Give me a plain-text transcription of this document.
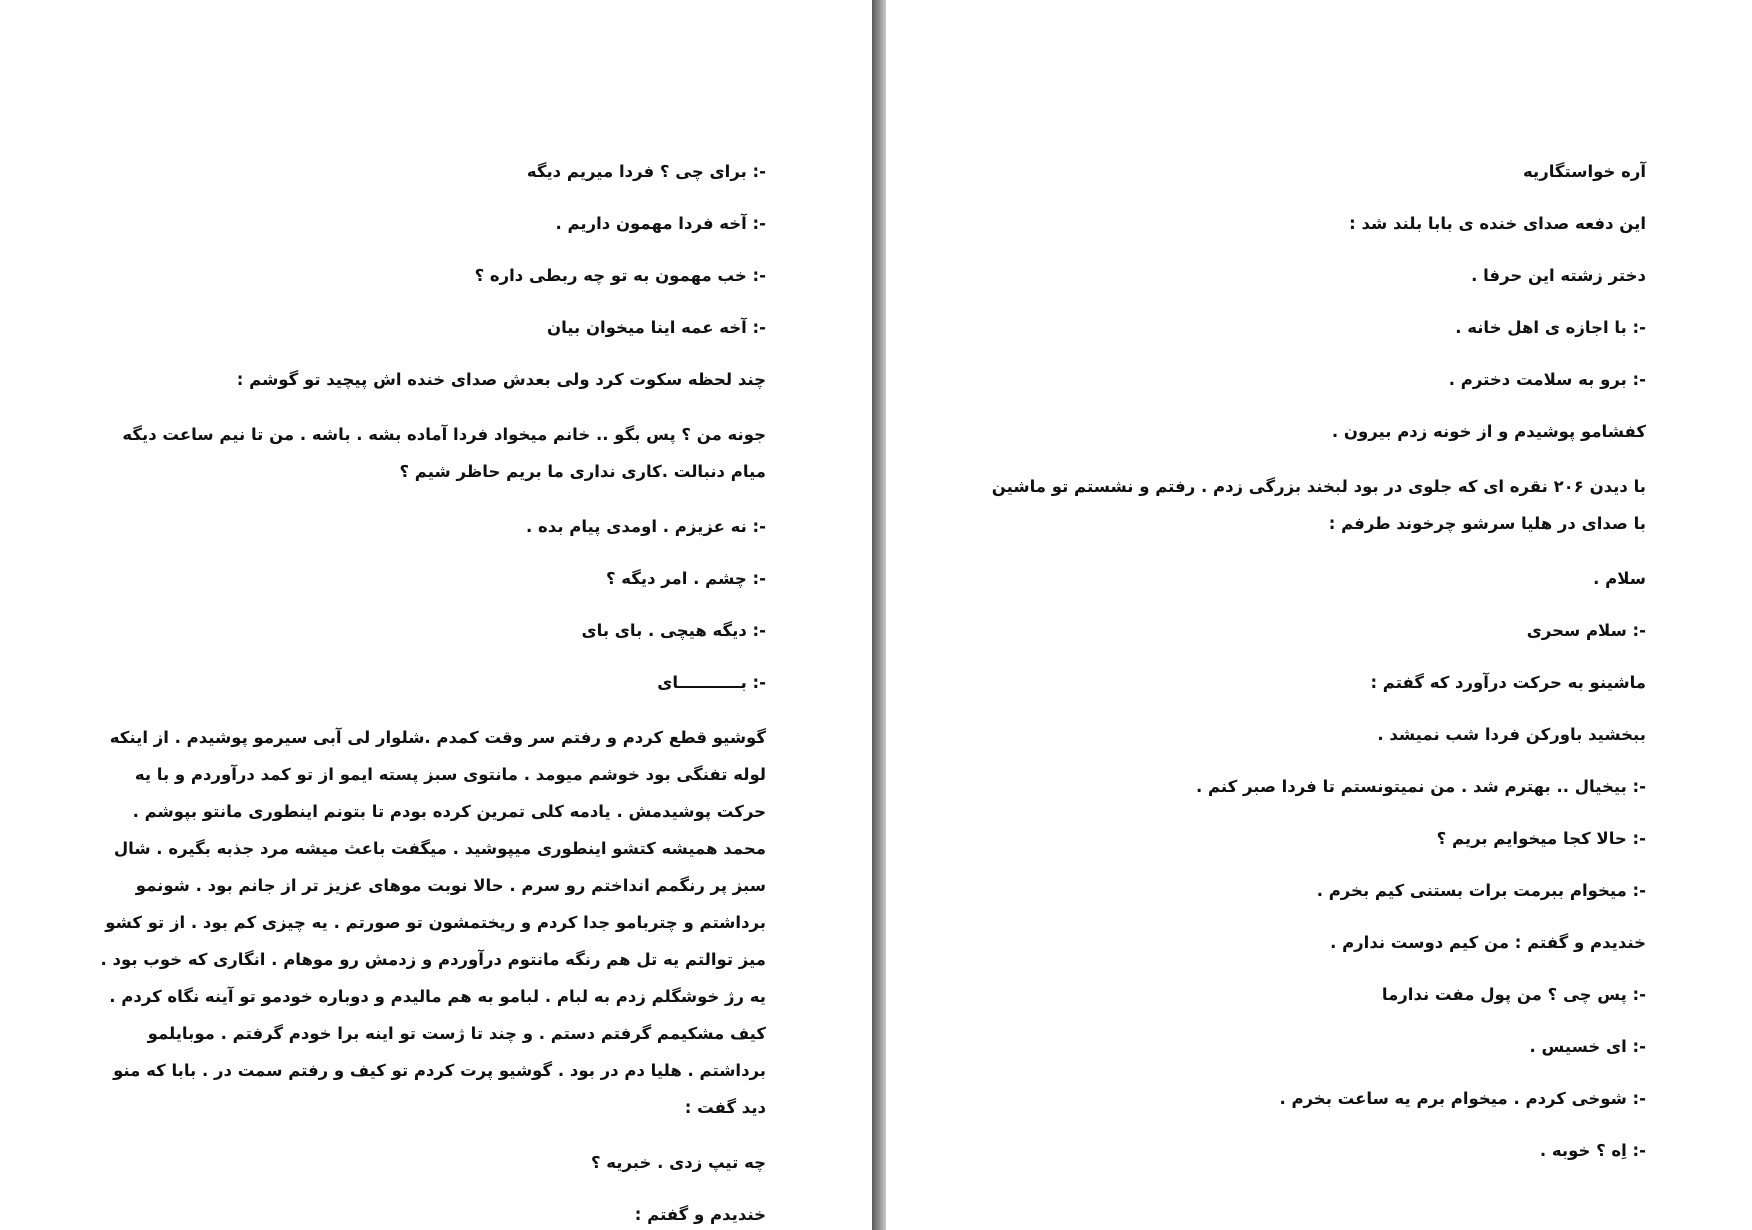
-: برای چی ؟ فردا میریم دیگه

-: آخه فردا مهمون داریم .

-: خب مهمون به تو چه ربطی داره ؟

-: آخه عمه اینا میخوان بیان

چند لحظه سکوت کرد ولی بعدش صدای خنده اش پیچید تو گوشم :

جونه من ؟ پس بگو .. خانم میخواد فردا آماده بشه . باشه . من تا نیم ساعت دیگه میام دنبالت .کاری نداری ما بریم حاظر شیم ؟

-: نه عزیزم . اومدی پیام بده .

-: چشم . امر دیگه ؟

-: دیگه هیچی . بای بای

-: بـــــــــــای

گوشیو قطع کردم و رفتم سر وقت کمدم .شلوار لی آبی سیرمو پوشیدم . از اینکه لوله تفنگی بود خوشم میومد . مانتوی سبز پسته ایمو از تو کمد درآوردم و با یه حرکت پوشیدمش . یادمه کلی تمرین کرده بودم تا بتونم اینطوری مانتو بپوشم . محمد همیشه کتشو اینطوری میپوشید . میگفت باعث میشه مرد جذبه بگیره . شال سبز پر رنگمم انداختم رو سرم . حالا نوبت موهای عزیز تر از جانم بود . شونمو برداشتم و چتربامو جدا کردم و ریختمشون تو صورتم . یه چیزی کم بود . از تو کشو میز توالتم یه تل هم رنگه مانتوم درآوردم و زدمش رو موهام . انگاری که خوب بود . یه رژ خوشگلم زدم به لبام . لبامو به هم مالیدم و دوباره خودمو تو آینه نگاه کردم . کیف مشکیمم گرفتم دستم . و چند تا ژست تو اینه برا خودم گرفتم . موبایلمو برداشتم . هلیا دم در بود . گوشیو پرت کردم تو کیف و رفتم سمت در . بابا که منو دید گفت :

چه تیپ زدی . خبریه ؟

خندیدم و گفتم :

آره خواستگاریه

این دفعه صدای خنده ی بابا بلند شد :

دختر زشته این حرفا .

-: با اجازه ی اهل خانه .

-: برو به سلامت دخترم .

کفشامو پوشیدم و از خونه زدم بیرون .

با دیدن ۲۰۶ نقره ای که جلوی در بود لبخند بزرگی زدم . رفتم و نشستم تو ماشین با صدای در هلیا سرشو چرخوند طرفم :

سلام .

-: سلام سحری

ماشینو به حرکت درآورد که گفتم :

ببخشید باورکن فردا شب نمیشد .

-: بیخیال .. بهترم شد . من نمیتونستم تا فردا صبر کنم .

-: حالا کجا میخوایم بریم ؟

-: میخوام ببرمت برات بستنی کیم بخرم .

خندیدم و گفتم : من کیم دوست ندارم .

-: پس چی ؟ من پول مفت ندارما

-: ای خسیس .

-: شوخی کردم . میخوام برم یه ساعت بخرم .

-: اِه ؟ خوبه .
